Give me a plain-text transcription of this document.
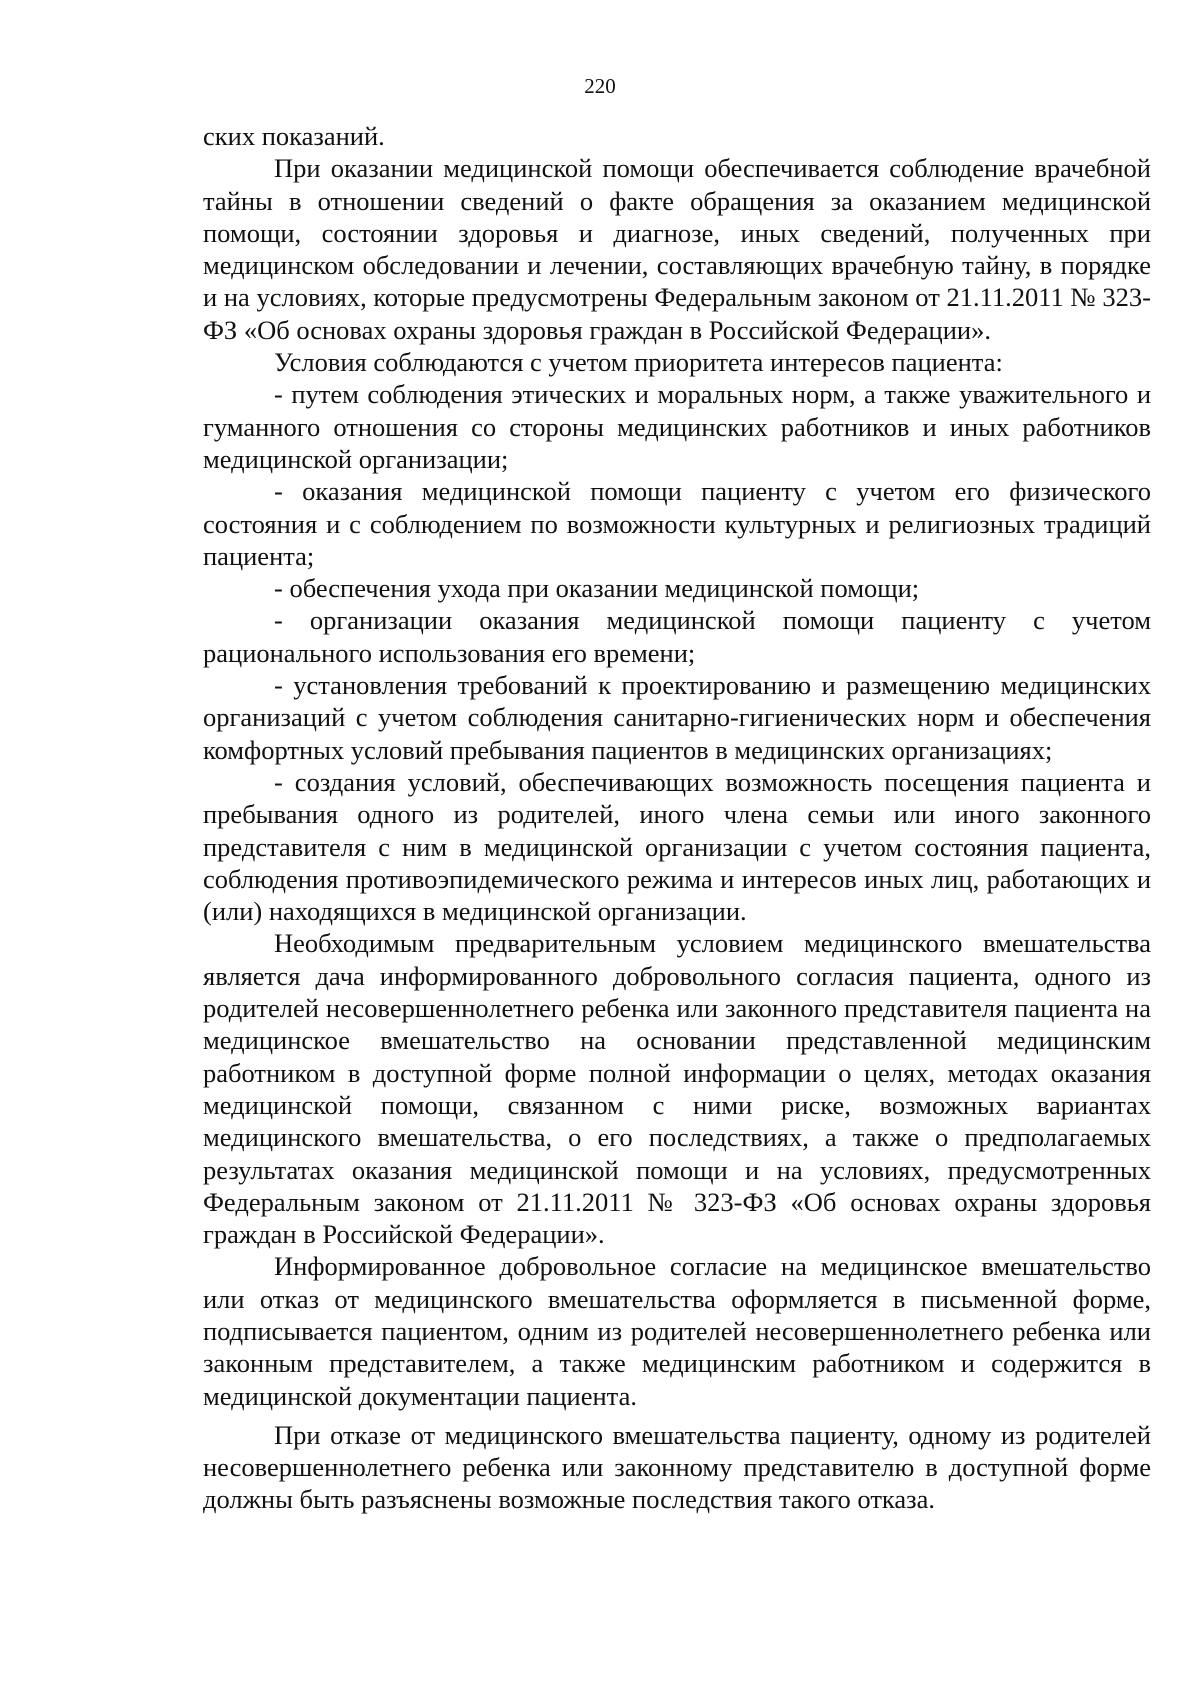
220

ских показаний.

При оказании медицинской помощи обеспечивается соблюдение врачебной тайны в отношении сведений о факте обращения за оказанием медицинской помощи, состоянии здоровья и диагнозе, иных сведений, полученных при медицинском обследовании и лечении, составляющих врачебную тайну, в порядке и на условиях, которые предусмотрены Федеральным законом от 21.11.2011 № 323-ФЗ «Об основах охраны здоровья граждан в Российской Федерации».

Условия соблюдаются с учетом приоритета интересов пациента:

- путем соблюдения этических и моральных норм, а также уважительного и гуманного отношения со стороны медицинских работников и иных работников медицинской организации;

- оказания медицинской помощи пациенту с учетом его физического состояния и с соблюдением по возможности культурных и религиозных традиций пациента;

- обеспечения ухода при оказании медицинской помощи;

- организации оказания медицинской помощи пациенту с учетом рационального использования его времени;

- установления требований к проектированию и размещению медицинских организаций с учетом соблюдения санитарно-гигиенических норм и обеспечения комфортных условий пребывания пациентов в медицинских организациях;

- создания условий, обеспечивающих возможность посещения пациента и пребывания одного из родителей, иного члена семьи или иного законного представителя с ним в медицинской организации с учетом состояния пациента, соблюдения противоэпидемического режима и интересов иных лиц, работающих и (или) находящихся в медицинской организации.

Необходимым предварительным условием медицинского вмешательства является дача информированного добровольного согласия пациента, одного из родителей несовершеннолетнего ребенка или законного представителя пациента на медицинское вмешательство на основании представленной медицинским работником в доступной форме полной информации о целях, методах оказания медицинской помощи, связанном с ними риске, возможных вариантах медицинского вмешательства, о его последствиях, а также о предполагаемых результатах оказания медицинской помощи и на условиях, предусмотренных Федеральным законом от 21.11.2011 № 323-ФЗ «Об основах охраны здоровья граждан в Российской Федерации».

Информированное добровольное согласие на медицинское вмешательство или отказ от медицинского вмешательства оформляется в письменной форме, подписывается пациентом, одним из родителей несовершеннолетнего ребенка или законным представителем, а также медицинским работником и содержится в медицинской документации пациента.

При отказе от медицинского вмешательства пациенту, одному из родителей несовершеннолетнего ребенка или законному представителю в доступной форме должны быть разъяснены возможные последствия такого отказа.
